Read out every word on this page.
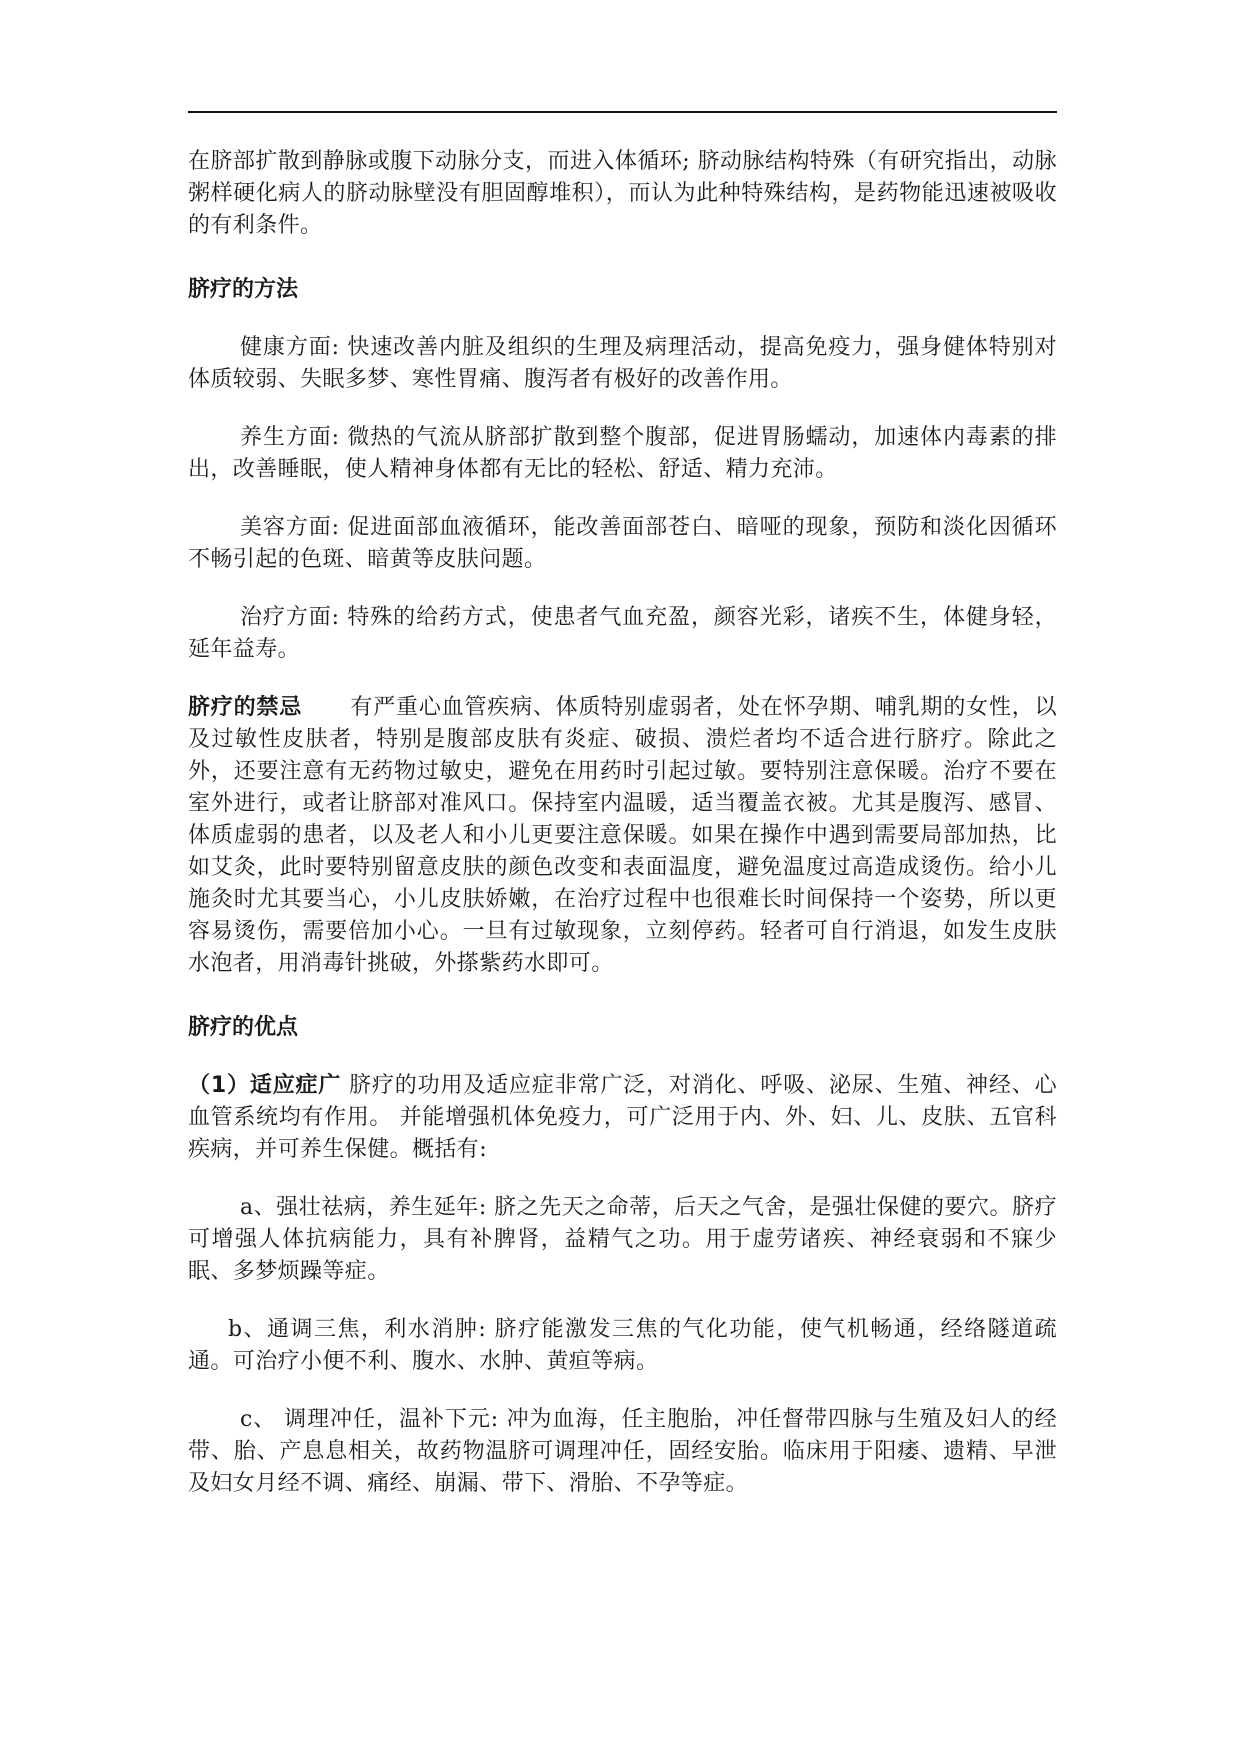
在脐部扩散到静脉或腹下动脉分支，而进入体循环; 脐动脉结构特殊（有研究指出，动脉粥样硬化病人的脐动脉壁没有胆固醇堆积），而认为此种特殊结构，是药物能迅速被吸收的有利条件。

脐疗的方法

健康方面: 快速改善内脏及组织的生理及病理活动，提高免疫力，强身健体特别对体质较弱、失眠多梦、寒性胃痛、腹泻者有极好的改善作用。

养生方面: 微热的气流从脐部扩散到整个腹部，促进胃肠蠕动，加速体内毒素的排出，改善睡眠，使人精神身体都有无比的轻松、舒适、精力充沛。

美容方面: 促进面部血液循环，能改善面部苍白、暗哑的现象，预防和淡化因循环不畅引起的色斑、暗黄等皮肤问题。

治疗方面: 特殊的给药方式，使患者气血充盈，颜容光彩，诸疾不生，体健身轻，延年益寿。

脐疗的禁忌 有严重心血管疾病、体质特别虚弱者，处在怀孕期、哺乳期的女性，以及过敏性皮肤者，特别是腹部皮肤有炎症、破损、溃烂者均不适合进行脐疗。除此之外，还要注意有无药物过敏史，避免在用药时引起过敏。要特别注意保暖。治疗不要在室外进行，或者让脐部对准风口。保持室内温暖，适当覆盖衣被。尤其是腹泻、感冒、体质虚弱的患者，以及老人和小儿更要注意保暖。如果在操作中遇到需要局部加热，比如艾灸，此时要特别留意皮肤的颜色改变和表面温度，避免温度过高造成烫伤。给小儿施灸时尤其要当心，小儿皮肤娇嫩，在治疗过程中也很难长时间保持一个姿势，所以更容易烫伤，需要倍加小心。一旦有过敏现象，立刻停药。轻者可自行消退，如发生皮肤水泡者，用消毒针挑破，外搽紫药水即可。

脐疗的优点

（1）适应症广 脐疗的功用及适应症非常广泛，对消化、呼吸、泌尿、生殖、神经、心血管系统均有作用。 并能增强机体免疫力，可广泛用于内、外、妇、儿、皮肤、五官科疾病，并可养生保健。概括有:

a、强壮祛病，养生延年: 脐之先天之命蒂，后天之气舍，是强壮保健的要穴。脐疗可增强人体抗病能力，具有补脾肾，益精气之功。用于虚劳诸疾、神经衰弱和不寐少眠、多梦烦躁等症。

b、通调三焦，利水消肿: 脐疗能激发三焦的气化功能，使气机畅通，经络隧道疏通。可治疗小便不利、腹水、水肿、黄疸等病。

c、 调理冲任，温补下元: 冲为血海，任主胞胎，冲任督带四脉与生殖及妇人的经带、胎、产息息相关，故药物温脐可调理冲任，固经安胎。临床用于阳痿、遗精、早泄及妇女月经不调、痛经、崩漏、带下、滑胎、不孕等症。
